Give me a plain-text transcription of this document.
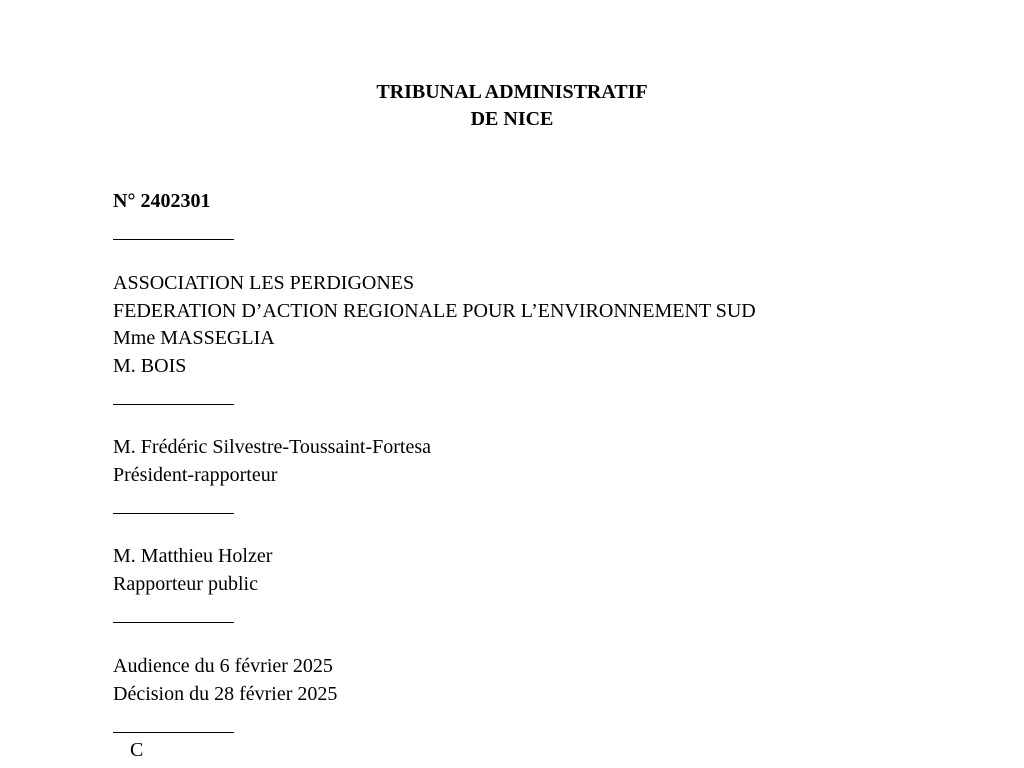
TRIBUNAL ADMINISTRATIF
DE NICE
N° 2402301
ASSOCIATION LES PERDIGONES
FEDERATION D’ACTION REGIONALE POUR L’ENVIRONNEMENT SUD
Mme MASSEGLIA
M. BOIS
M. Frédéric Silvestre-Toussaint-Fortesa
Président-rapporteur
M. Matthieu Holzer
Rapporteur public
Audience du 6 février 2025
Décision du 28 février 2025
C
